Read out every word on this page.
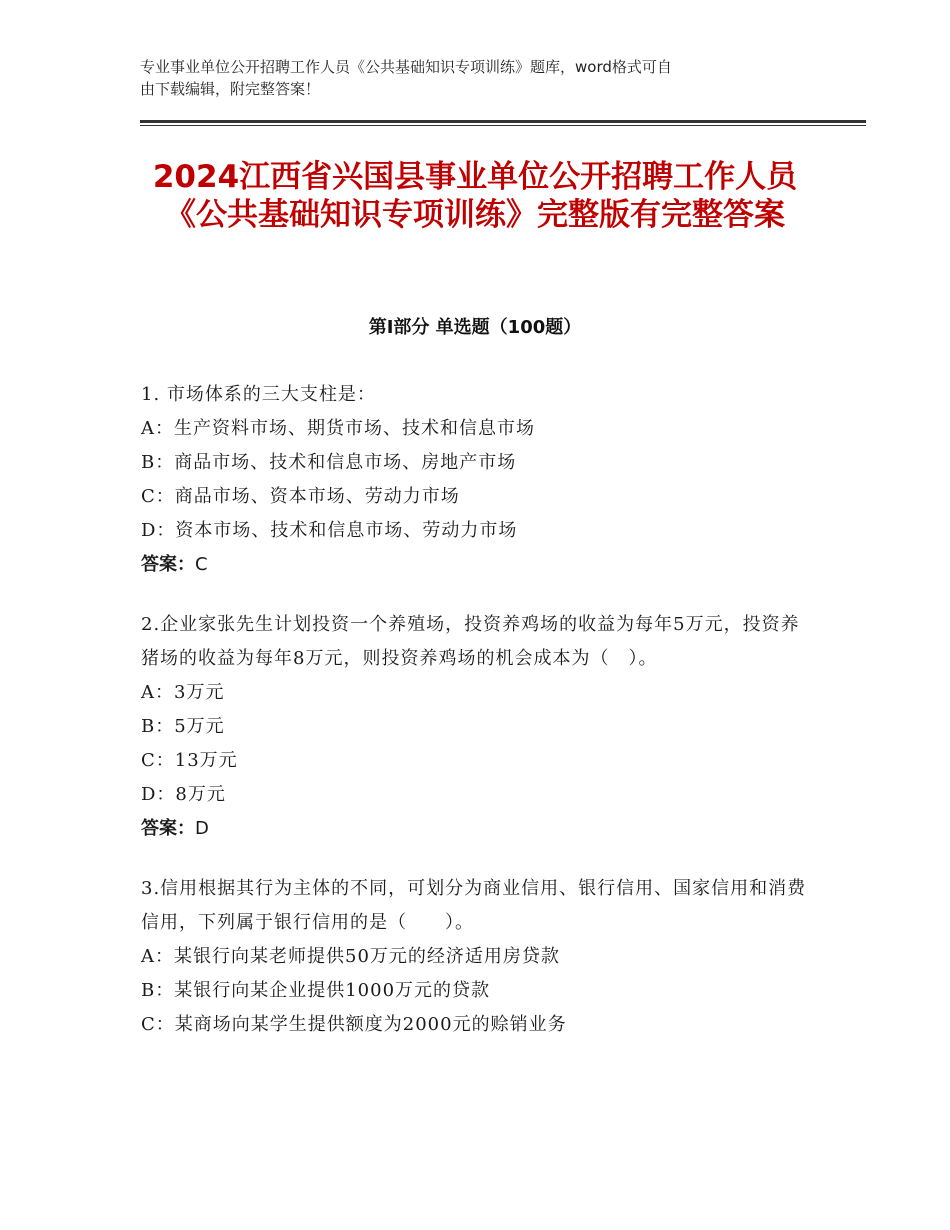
专业事业单位公开招聘工作人员《公共基础知识专项训练》题库，word格式可自
由下载编辑，附完整答案！
2024江西省兴国县事业单位公开招聘工作人员《公共基础知识专项训练》完整版有完整答案
第Ⅰ部分 单选题（100题）
1. 市场体系的三大支柱是：
A：生产资料市场、期货市场、技术和信息市场
B：商品市场、技术和信息市场、房地产市场
C：商品市场、资本市场、劳动力市场
D：资本市场、技术和信息市场、劳动力市场
答案：C
2.企业家张先生计划投资一个养殖场，投资养鸡场的收益为每年5万元，投资养猪场的收益为每年8万元，则投资养鸡场的机会成本为（　）。
A：3万元
B：5万元
C：13万元
D：8万元
答案：D
3.信用根据其行为主体的不同，可划分为商业信用、银行信用、国家信用和消费信用，下列属于银行信用的是（　　）。
A：某银行向某老师提供50万元的经济适用房贷款
B：某银行向某企业提供1000万元的贷款
C：某商场向某学生提供额度为2000元的赊销业务
